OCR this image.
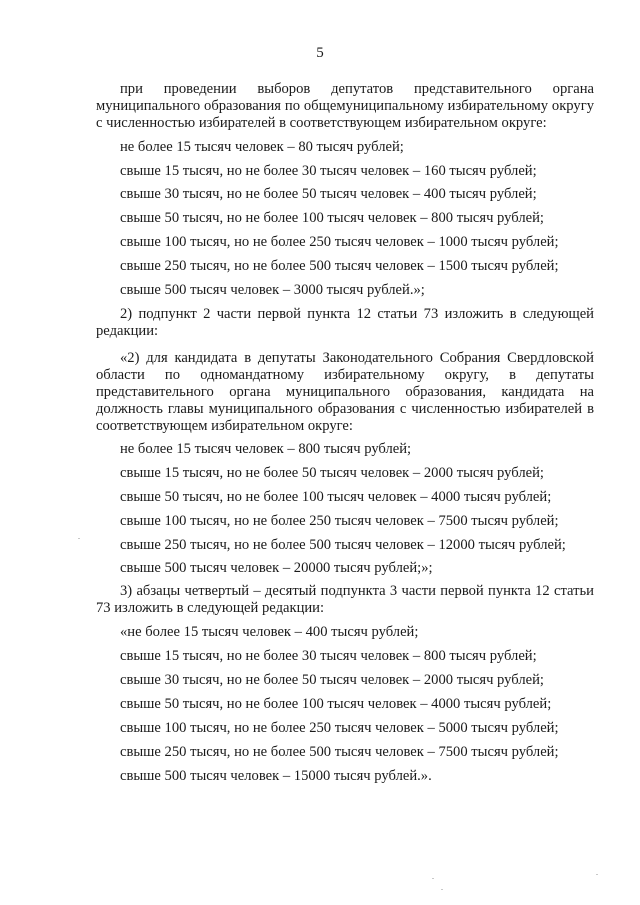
5
при проведении выборов депутатов представительного органа муниципального образования по общемуниципальному избирательному округу с численностью избирателей в соответствующем избирательном округе:
не более 15 тысяч человек – 80 тысяч рублей;
свыше 15 тысяч, но не более 30 тысяч человек – 160 тысяч рублей;
свыше 30 тысяч, но не более 50 тысяч человек – 400 тысяч рублей;
свыше 50 тысяч, но не более 100 тысяч человек – 800 тысяч рублей;
свыше 100 тысяч, но не более 250 тысяч человек – 1000 тысяч рублей;
свыше 250 тысяч, но не более 500 тысяч человек – 1500 тысяч рублей;
свыше 500 тысяч человек – 3000 тысяч рублей.»;
2) подпункт 2 части первой пункта 12 статьи 73 изложить в следующей редакции:
«2) для кандидата в депутаты Законодательного Собрания Свердловской области по одномандатному избирательному округу, в депутаты представительного органа муниципального образования, кандидата на должность главы муниципального образования с численностью избирателей в соответствующем избирательном округе:
не более 15 тысяч человек – 800 тысяч рублей;
свыше 15 тысяч, но не более 50 тысяч человек – 2000 тысяч рублей;
свыше 50 тысяч, но не более 100 тысяч человек – 4000 тысяч рублей;
свыше 100 тысяч, но не более 250 тысяч человек – 7500 тысяч рублей;
свыше 250 тысяч, но не более 500 тысяч человек – 12000 тысяч рублей;
свыше 500 тысяч человек – 20000 тысяч рублей;»;
3) абзацы четвертый – десятый подпункта 3 части первой пункта 12 статьи 73 изложить в следующей редакции:
«не более 15 тысяч человек – 400 тысяч рублей;
свыше 15 тысяч, но не более 30 тысяч человек – 800 тысяч рублей;
свыше 30 тысяч, но не более 50 тысяч человек – 2000 тысяч рублей;
свыше 50 тысяч, но не более 100 тысяч человек – 4000 тысяч рублей;
свыше 100 тысяч, но не более 250 тысяч человек – 5000 тысяч рублей;
свыше 250 тысяч, но не более 500 тысяч человек – 7500 тысяч рублей;
свыше 500 тысяч человек – 15000 тысяч рублей.».
